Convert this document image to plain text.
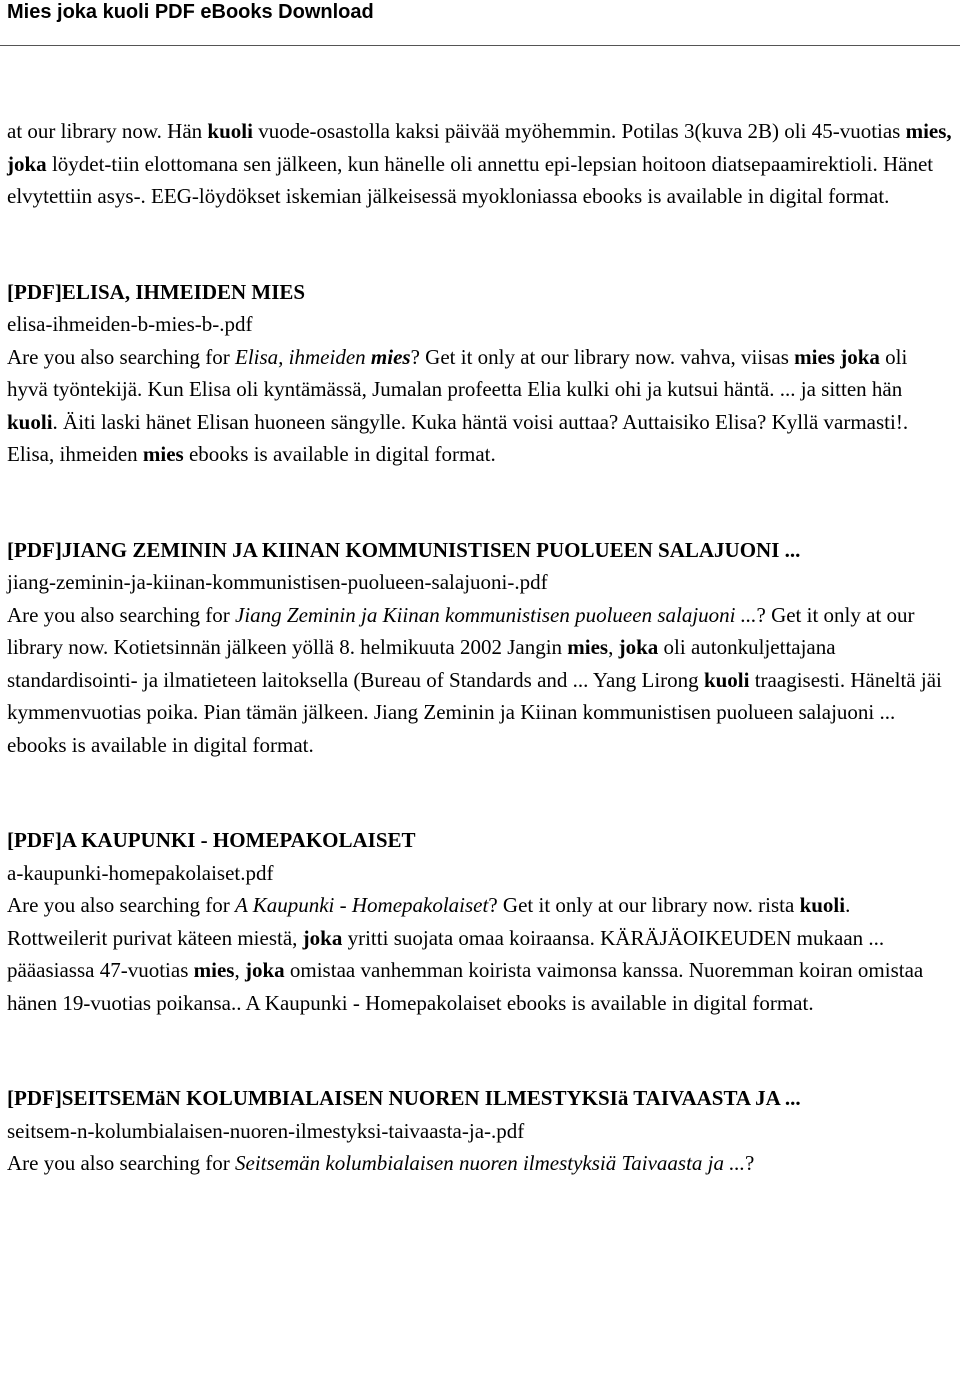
Mies joka kuoli PDF eBooks Download

at our library now. Hän kuoli vuode-osastolla kaksi päivää myöhemmin. Potilas 3(kuva 2B) oli 45-vuotias mies, joka löydet-tiin elottomana sen jälkeen, kun hänelle oli annettu epi-lepsian hoitoon diatsepaamirektioli. Hänet elvytettiin asys-. EEG-löydökset iskemian jälkeisessä myokloniassa ebooks is available in digital format.

[PDF]ELISA, IHMEIDEN MIES

elisa-ihmeiden-b-mies-b-.pdf

Are you also searching for Elisa, ihmeiden mies? Get it only at our library now. vahva, viisas mies joka oli hyvä työntekijä. Kun Elisa oli kyntämässä, Jumalan profeetta Elia kulki ohi ja kutsui häntä. ... ja sitten hän kuoli. Äiti laski hänet Elisan huoneen sängylle. Kuka häntä voisi auttaa? Auttaisiko Elisa? Kyllä varmasti!. Elisa, ihmeiden mies ebooks is available in digital format.

[PDF]JIANG ZEMININ JA KIINAN KOMMUNISTISEN PUOLUEEN SALAJUONI ...

jiang-zeminin-ja-kiinan-kommunistisen-puolueen-salajuoni-.pdf

Are you also searching for Jiang Zeminin ja Kiinan kommunistisen puolueen salajuoni ...? Get it only at our library now. Kotietsinnän jälkeen yöllä 8. helmikuuta 2002 Jangin mies, joka oli autonkuljettajana standardisointi- ja ilmatieteen laitoksella (Bureau of Standards and ... Yang Lirong kuoli traagisesti. Häneltä jäi kymmenvuotias poika. Pian tämän jälkeen. Jiang Zeminin ja Kiinan kommunistisen puolueen salajuoni ... ebooks is available in digital format.

[PDF]A KAUPUNKI - HOMEPAKOLAISET

a-kaupunki-homepakolaiset.pdf

Are you also searching for A Kaupunki - Homepakolaiset? Get it only at our library now. rista kuoli. Rottweilerit purivat käteen miestä, joka yritti suojata omaa koiraansa. KÄRÄJÄOIKEUDEN mukaan ... pääasiassa 47-vuotias mies, joka omistaa vanhemman koirista vaimonsa kanssa. Nuoremman koiran omistaa hänen 19-vuotias poikansa.. A Kaupunki - Homepakolaiset ebooks is available in digital format.

[PDF]SEITSEMäN KOLUMBIALAISEN NUOREN ILMESTYKSIä TAIVAASTA JA ...

seitsem-n-kolumbialaisen-nuoren-ilmestyksi-taivaasta-ja-.pdf

Are you also searching for Seitsemän kolumbialaisen nuoren ilmestyksiä Taivaasta ja ...?
